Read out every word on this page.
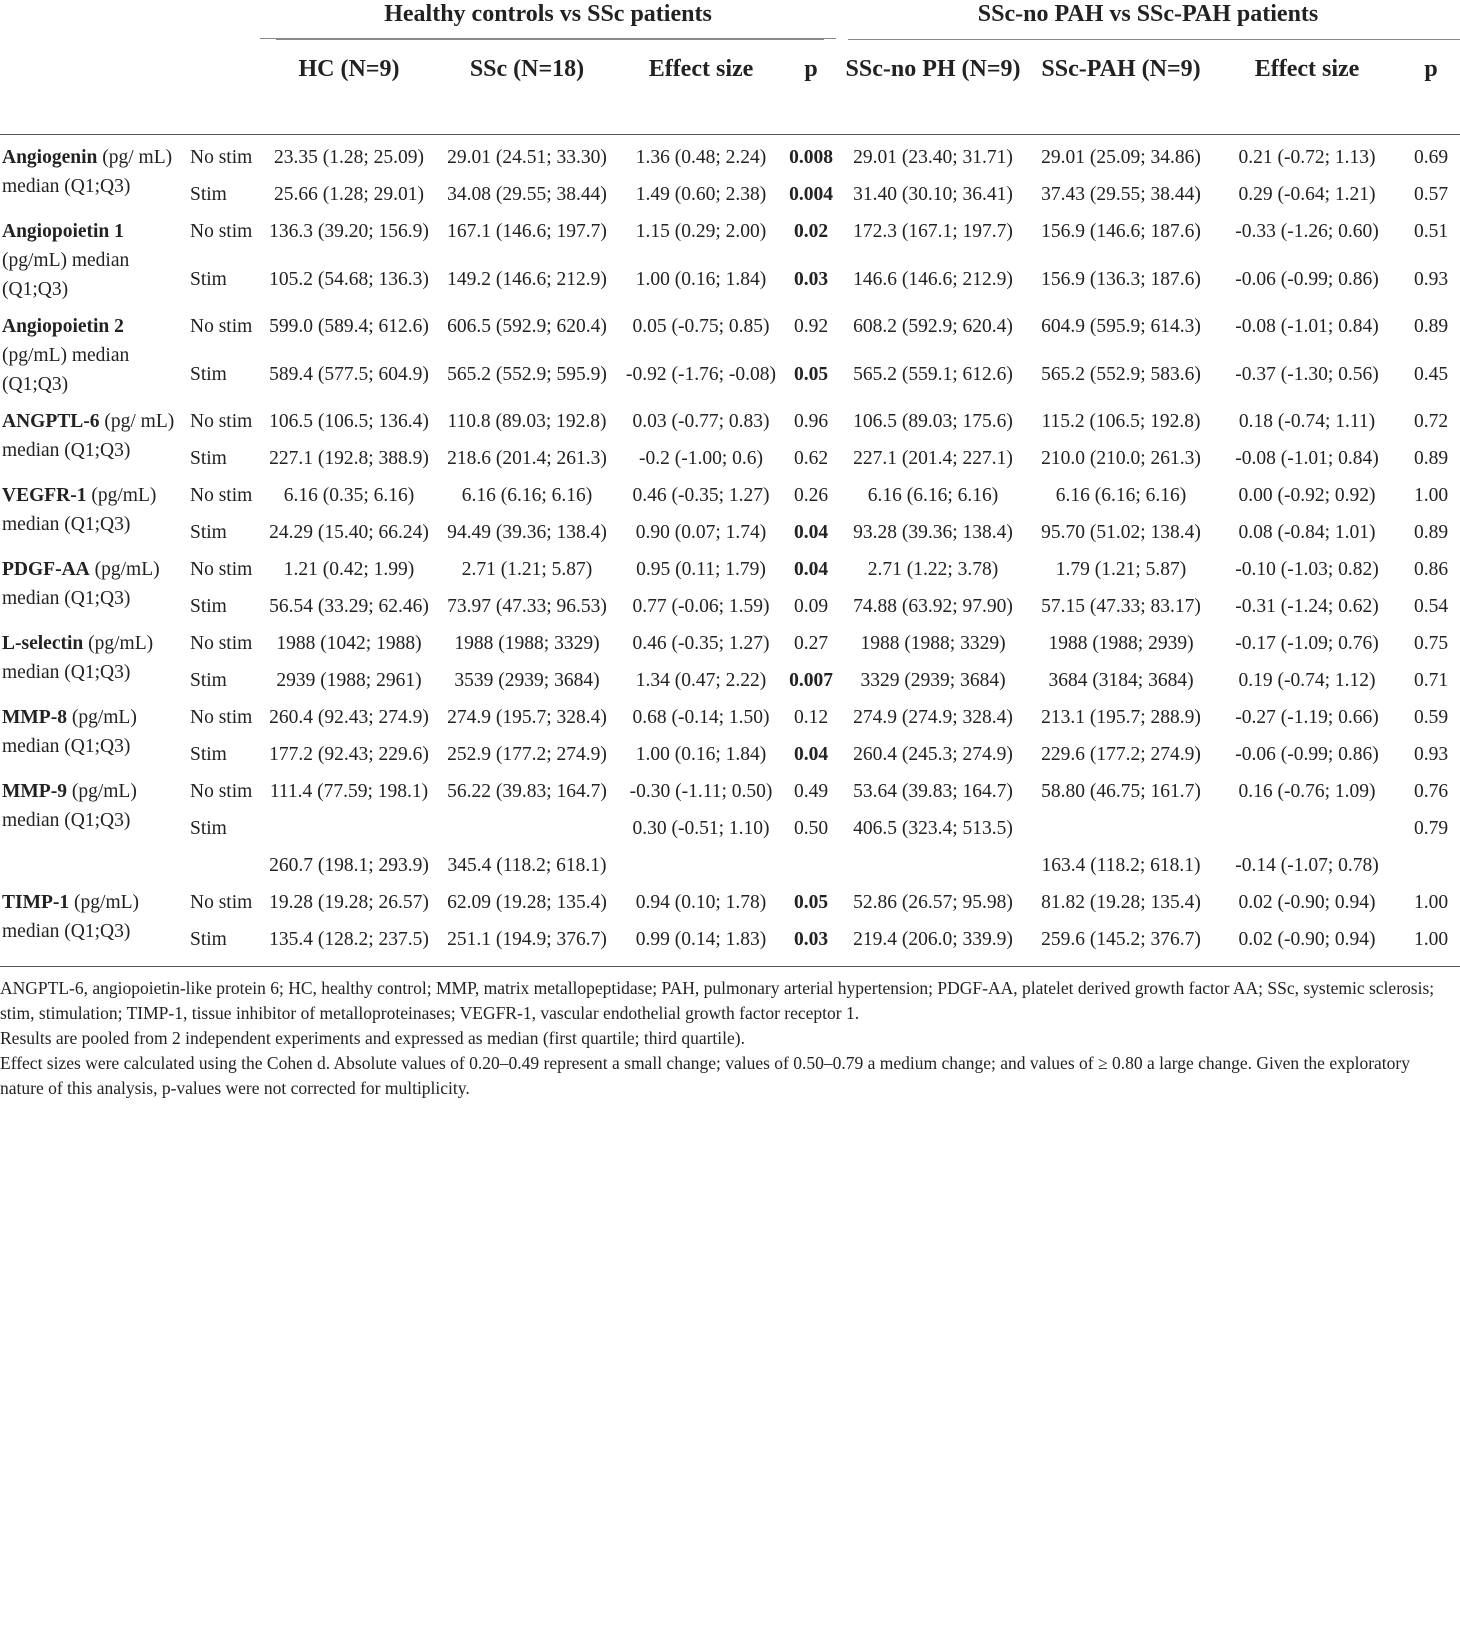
		Healthy controls vs SSc patients				SSc-no PAH vs SSc-PAH patients			

		HC (N=9)	SSc (N=18)	Effect size	p	SSc-no PH (N=9)	SSc-PAH (N=9)	Effect size	p
Angiogenin (pg/ mL) median (Q1;Q3)	No stim	23.35 (1.28; 25.09)	29.01 (24.51; 33.30)	1.36 (0.48; 2.24)	0.008	29.01 (23.40; 31.71)	29.01 (25.09; 34.86)	0.21 (-0.72; 1.13)	0.69
	Stim	25.66 (1.28; 29.01)	34.08 (29.55; 38.44)	1.49 (0.60; 2.38)	0.004	31.40 (30.10; 36.41)	37.43 (29.55; 38.44)	0.29 (-0.64; 1.21)	0.57
Angiopoietin 1 (pg/mL) median (Q1;Q3)	No stim	136.3 (39.20; 156.9)	167.1 (146.6; 197.7)	1.15 (0.29; 2.00)	0.02	172.3 (167.1; 197.7)	156.9 (146.6; 187.6)	-0.33 (-1.26; 0.60)	0.51
	Stim	105.2 (54.68; 136.3)	149.2 (146.6; 212.9)	1.00 (0.16; 1.84)	0.03	146.6 (146.6; 212.9)	156.9 (136.3; 187.6)	-0.06 (-0.99; 0.86)	0.93
Angiopoietin 2 (pg/mL) median (Q1;Q3)	No stim	599.0 (589.4; 612.6)	606.5 (592.9; 620.4)	0.05 (-0.75; 0.85)	0.92	608.2 (592.9; 620.4)	604.9 (595.9; 614.3)	-0.08 (-1.01; 0.84)	0.89
	Stim	589.4 (577.5; 604.9)	565.2 (552.9; 595.9)	-0.92 (-1.76; -0.08)	0.05	565.2 (559.1; 612.6)	565.2 (552.9; 583.6)	-0.37 (-1.30; 0.56)	0.45
ANGPTL-6 (pg/ mL) median (Q1;Q3)	No stim	106.5 (106.5; 136.4)	110.8 (89.03; 192.8)	0.03 (-0.77; 0.83)	0.96	106.5 (89.03; 175.6)	115.2 (106.5; 192.8)	0.18 (-0.74; 1.11)	0.72
	Stim	227.1 (192.8; 388.9)	218.6 (201.4; 261.3)	-0.2 (-1.00; 0.6)	0.62	227.1 (201.4; 227.1)	210.0 (210.0; 261.3)	-0.08 (-1.01; 0.84)	0.89
VEGFR-1 (pg/mL) median (Q1;Q3)	No stim	6.16 (0.35; 6.16)	6.16 (6.16; 6.16)	0.46 (-0.35; 1.27)	0.26	6.16 (6.16; 6.16)	6.16 (6.16; 6.16)	0.00 (-0.92; 0.92)	1.00
	Stim	24.29 (15.40; 66.24)	94.49 (39.36; 138.4)	0.90 (0.07; 1.74)	0.04	93.28 (39.36; 138.4)	95.70 (51.02; 138.4)	0.08 (-0.84; 1.01)	0.89
PDGF-AA (pg/mL) median (Q1;Q3)	No stim	1.21 (0.42; 1.99)	2.71 (1.21; 5.87)	0.95 (0.11; 1.79)	0.04	2.71 (1.22; 3.78)	1.79 (1.21; 5.87)	-0.10 (-1.03; 0.82)	0.86
	Stim	56.54 (33.29; 62.46)	73.97 (47.33; 96.53)	0.77 (-0.06; 1.59)	0.09	74.88 (63.92; 97.90)	57.15 (47.33; 83.17)	-0.31 (-1.24; 0.62)	0.54
L-selectin (pg/mL) median (Q1;Q3)	No stim	1988 (1042; 1988)	1988 (1988; 3329)	0.46 (-0.35; 1.27)	0.27	1988 (1988; 3329)	1988 (1988; 2939)	-0.17 (-1.09; 0.76)	0.75
	Stim	2939 (1988; 2961)	3539 (2939; 3684)	1.34 (0.47; 2.22)	0.007	3329 (2939; 3684)	3684 (3184; 3684)	0.19 (-0.74; 1.12)	0.71
MMP-8 (pg/mL) median (Q1;Q3)	No stim	260.4 (92.43; 274.9)	274.9 (195.7; 328.4)	0.68 (-0.14; 1.50)	0.12	274.9 (274.9; 328.4)	213.1 (195.7; 288.9)	-0.27 (-1.19; 0.66)	0.59
	Stim	177.2 (92.43; 229.6)	252.9 (177.2; 274.9)	1.00 (0.16; 1.84)	0.04	260.4 (245.3; 274.9)	229.6 (177.2; 274.9)	-0.06 (-0.99; 0.86)	0.93
MMP-9 (pg/mL) median (Q1;Q3)	No stim	111.4 (77.59; 198.1)	56.22 (39.83; 164.7)	-0.30 (-1.11; 0.50)	0.49	53.64 (39.83; 164.7)	58.80 (46.75; 161.7)	0.16 (-0.76; 1.09)	0.76
	Stim			0.30 (-0.51; 1.10)	0.50	406.5 (323.4; 513.5)			0.79
		260.7 (198.1; 293.9)	345.4 (118.2; 618.1)				163.4 (118.2; 618.1)	-0.14 (-1.07; 0.78)	
TIMP-1 (pg/mL) median (Q1;Q3)	No stim	19.28 (19.28; 26.57)	62.09 (19.28; 135.4)	0.94 (0.10; 1.78)	0.05	52.86 (26.57; 95.98)	81.82 (19.28; 135.4)	0.02 (-0.90; 0.94)	1.00
	Stim	135.4 (128.2; 237.5)	251.1 (194.9; 376.7)	0.99 (0.14; 1.83)	0.03	219.4 (206.0; 339.9)	259.6 (145.2; 376.7)	0.02 (-0.90; 0.94)	1.00

ANGPTL-6, angiopoietin-like protein 6; HC, healthy control; MMP, matrix metallopeptidase; PAH, pulmonary arterial hypertension; PDGF-AA, platelet derived growth factor AA; SSc, systemic sclerosis; stim, stimulation; TIMP-1, tissue inhibitor of metalloproteinases; VEGFR-1, vascular endothelial growth factor receptor 1.

Results are pooled from 2 independent experiments and expressed as median (first quartile; third quartile).

Effect sizes were calculated using the Cohen d. Absolute values of 0.20–0.49 represent a small change; values of 0.50–0.79 a medium change; and values of ≥ 0.80 a large change. Given the exploratory nature of this analysis, p-values were not corrected for multiplicity.
